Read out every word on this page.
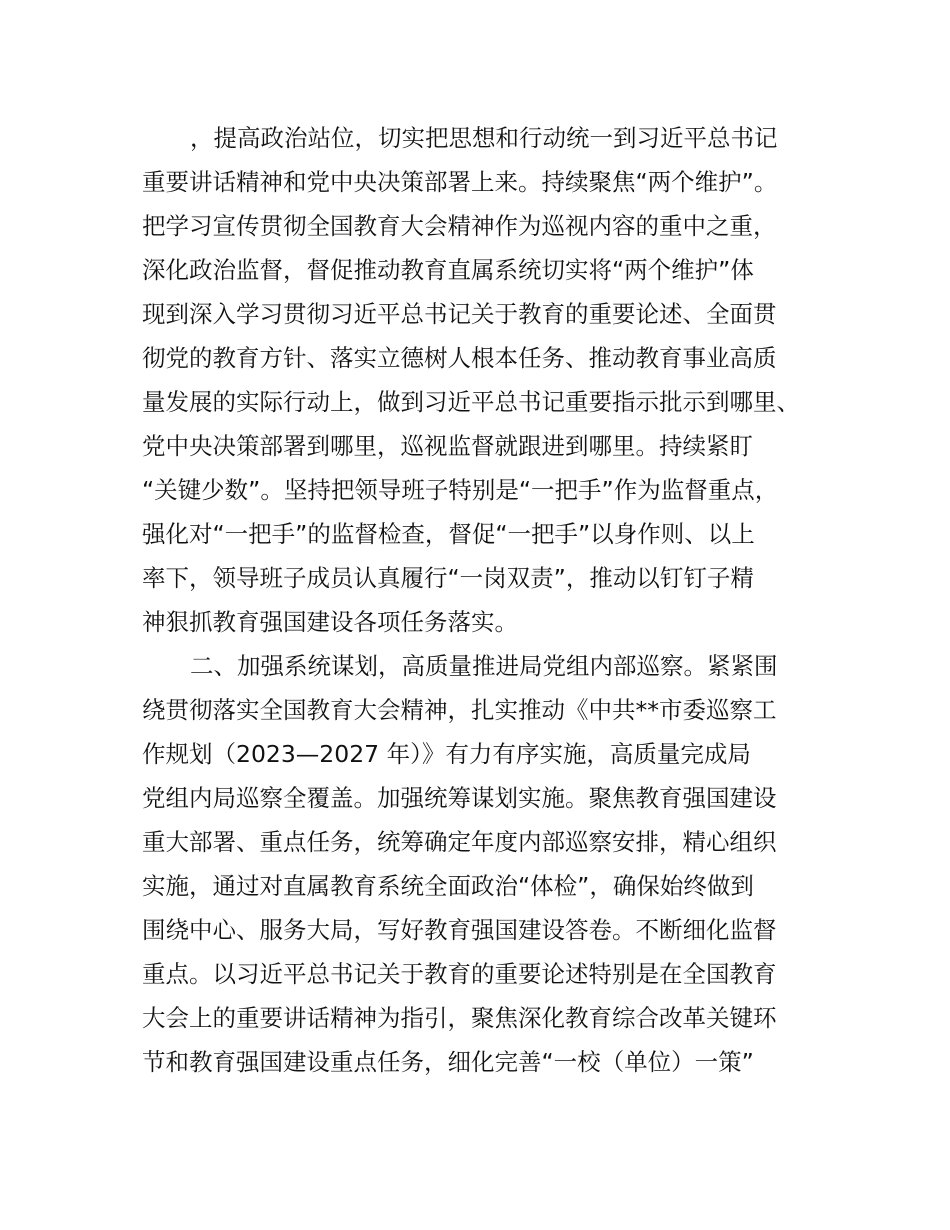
，提高政治站位，切实把思想和行动统一到习近平总书记
重要讲话精神和党中央决策部署上来。持续聚焦“两个维护”。
把学习宣传贯彻全国教育大会精神作为巡视内容的重中之重，
深化政治监督，督促推动教育直属系统切实将“两个维护”体
现到深入学习贯彻习近平总书记关于教育的重要论述、全面贯
彻党的教育方针、落实立德树人根本任务、推动教育事业高质
量发展的实际行动上，做到习近平总书记重要指示批示到哪里、
党中央决策部署到哪里，巡视监督就跟进到哪里。持续紧盯
“关键少数”。坚持把领导班子特别是“一把手”作为监督重点，
强化对“一把手”的监督检查，督促“一把手”以身作则、以上
率下，领导班子成员认真履行“一岗双责”，推动以钉钉子精
神狠抓教育强国建设各项任务落实。
二、加强系统谋划，高质量推进局党组内部巡察。紧紧围
绕贯彻落实全国教育大会精神，扎实推动《中共**市委巡察工
作规划（2023—2027 年）》有力有序实施，高质量完成局
党组内局巡察全覆盖。加强统筹谋划实施。聚焦教育强国建设
重大部署、重点任务，统筹确定年度内部巡察安排，精心组织
实施，通过对直属教育系统全面政治“体检”，确保始终做到
围绕中心、服务大局，写好教育强国建设答卷。不断细化监督
重点。以习近平总书记关于教育的重要论述特别是在全国教育
大会上的重要讲话精神为指引，聚焦深化教育综合改革关键环
节和教育强国建设重点任务，细化完善“一校（单位）一策”
